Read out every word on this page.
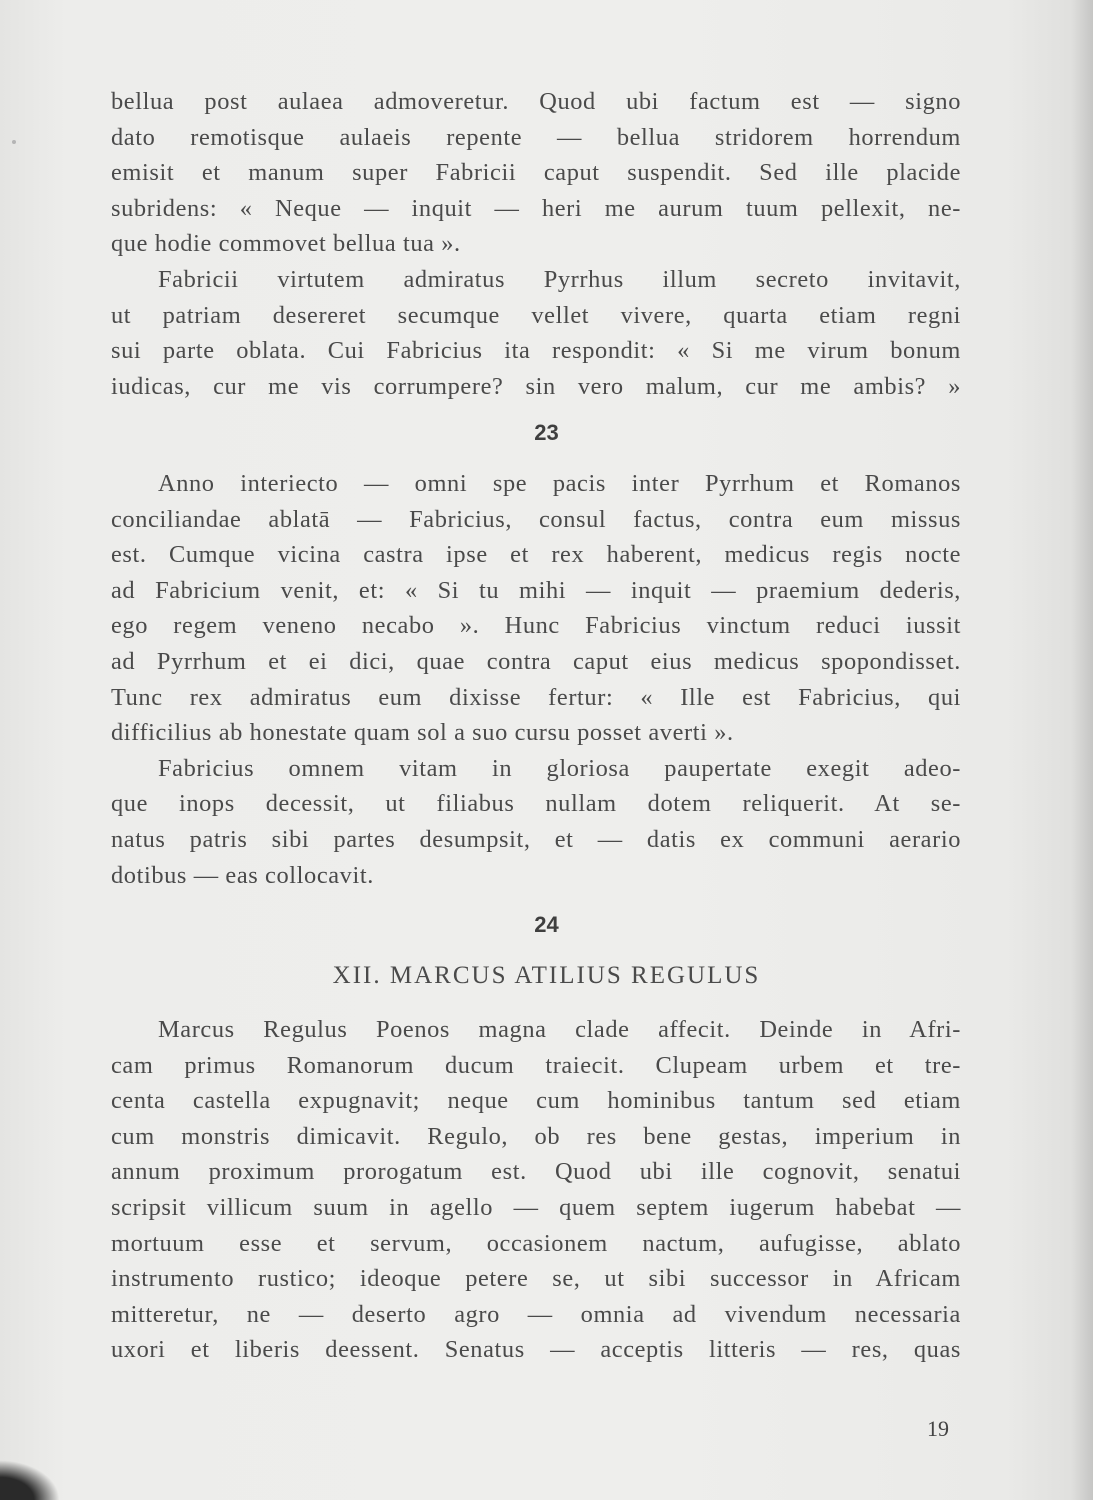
bellua post aulaea admoveretur. Quod ubi factum est — signo
dato remotisque aulaeis repente — bellua stridorem horrendum
emisit et manum super Fabricii caput suspendit. Sed ille placide
subridens: « Neque — inquit — heri me aurum tuum pellexit, ne-
que hodie commovet bellua tua ».
Fabricii virtutem admiratus Pyrrhus illum secreto invitavit,
ut patriam desereret secumque vellet vivere, quarta etiam regni
sui parte oblata. Cui Fabricius ita respondit: « Si me virum bonum
iudicas, cur me vis corrumpere? sin vero malum, cur me ambis? »
23
Anno interiecto — omni spe pacis inter Pyrrhum et Romanos
conciliandae ablatā — Fabricius, consul factus, contra eum missus
est. Cumque vicina castra ipse et rex haberent, medicus regis nocte
ad Fabricium venit, et: « Si tu mihi — inquit — praemium dederis,
ego regem veneno necabo ». Hunc Fabricius vinctum reduci iussit
ad Pyrrhum et ei dici, quae contra caput eius medicus spopondisset.
Tunc rex admiratus eum dixisse fertur: « Ille est Fabricius, qui
difficilius ab honestate quam sol a suo cursu posset averti ».
Fabricius omnem vitam in gloriosa paupertate exegit adeo-
que inops decessit, ut filiabus nullam dotem reliquerit. At se-
natus patris sibi partes desumpsit, et — datis ex communi aerario
dotibus — eas collocavit.
24
XII. MARCUS ATILIUS REGULUS
Marcus Regulus Poenos magna clade affecit. Deinde in Afri-
cam primus Romanorum ducum traiecit. Clupeam urbem et tre-
centa castella expugnavit; neque cum hominibus tantum sed etiam
cum monstris dimicavit. Regulo, ob res bene gestas, imperium in
annum proximum prorogatum est. Quod ubi ille cognovit, senatui
scripsit villicum suum in agello — quem septem iugerum habebat —
mortuum esse et servum, occasionem nactum, aufugisse, ablato
instrumento rustico; ideoque petere se, ut sibi successor in Africam
mitteretur, ne — deserto agro — omnia ad vivendum necessaria
uxori et liberis deessent. Senatus — acceptis litteris — res, quas
19
